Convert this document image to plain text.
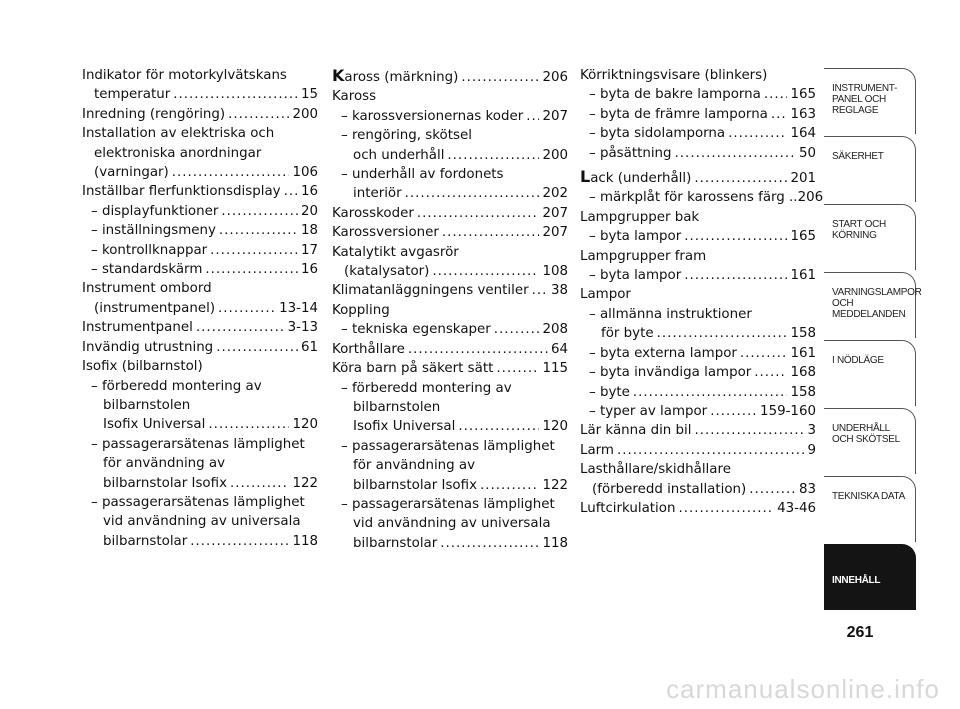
Indikator för motorkylvätskans
temperatur .....	15
Inredning (rengöring) .....	200
Installation av elektriska och
elektroniska anordningar
(varningar) .....	106
Inställbar flerfunktionsdisplay ..... 16
– displayfunktioner .....	20
– inställningsmeny .....	18
– kontrollknappar .....	17
– standardskärm .....	16
Instrument ombord
(instrumentpanel) .....	13-14
Instrumentpanel .....	3-13
Invändig utrustning .....	61
Isofix (bilbarnstol)
– förberedd montering av
bilbarnstolen
Isofix Universal .....	120
– passagerarsätenas lämplighet
för användning av
bilbarnstolar Isofix .....	122
– passagerarsätenas lämplighet
vid användning av universala
bilbarnstolar .....	118
Kaross (märkning) .....	206
Kaross
– karossversionernas koder ..... 207
– rengöring, skötsel
och underhåll .....	200
– underhåll av fordonets
interiör .....	202
Karosskoder .....	207
Karossversioner .....	207
Katalytikt avgasrör
(katalysator) .....	108
Klimatanläggningens ventiler ..... 38
Koppling
– tekniska egenskaper .....	208
Korthållare .....	64
Köra barn på säkert sätt .....	115
– förberedd montering av
bilbarnstolen
Isofix Universal .....	120
– passagerarsätenas lämplighet
för användning av
bilbarnstolar Isofix .....	122
– passagerarsätenas lämplighet
vid användning av universala
bilbarnstolar .....	118
Körriktningsvisare (blinkers)
– byta de bakre lamporna ..... 165
– byta de främre lamporna ..... 163
– byta sidolamporna .....	164
– påsättning .....	50
Lack (underhåll) .....	201
– märkplåt för karossens färg .. 206
Lampgrupper bak
– byta lampor .....	165
Lampgrupper fram
– byta lampor .....	161
Lampor
– allmänna instruktioner
för byte .....	158
– byta externa lampor .....	161
– byta invändiga lampor .....	168
– byte .....	158
– typer av lampor .....	159-160
Lär känna din bil .....	3
Larm .....	9
Lasthållare/skidhållare
(förberedd installation) .....	83
Luftcirkulation .....	43-46
INSTRUMENT-
PANEL OCH
REGLAGE
SÄKERHET
START OCH
KÖRNING
VARNINGSLAMPOR
OCH
MEDDELANDEN
I NÖDLÄGE
UNDERHÅLL
OCH SKÖTSEL
TEKNISKA DATA
INNEHÅLL
261
carmanualsonline.info
